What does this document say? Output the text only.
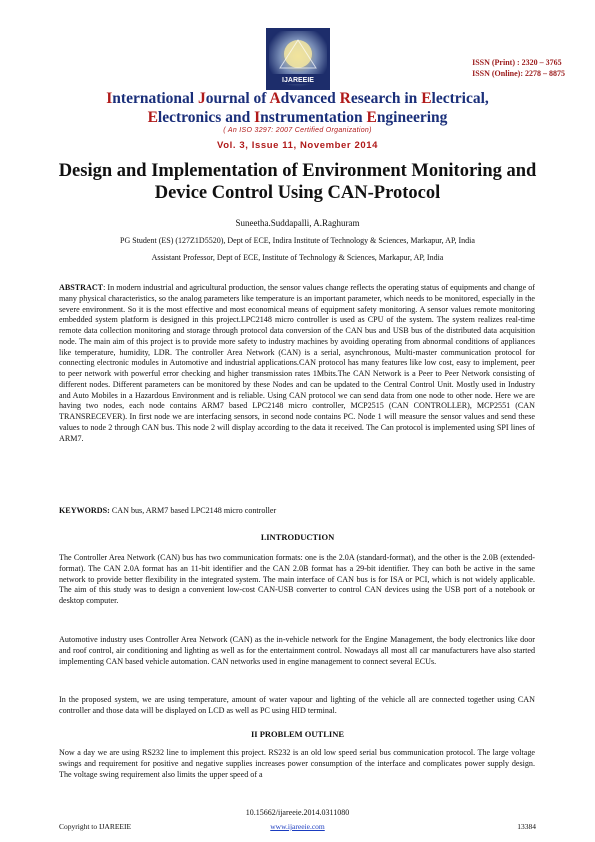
IJAREEIE
ISSN (Print) : 2320 – 3765
ISSN (Online): 2278 – 8875
International Journal of Advanced Research in Electrical,
Electronics and Instrumentation Engineering
( An ISO 3297: 2007 Certified Organization)
Vol. 3, Issue 11, November 2014
Design and Implementation of Environment Monitoring and Device Control Using CAN-Protocol
Suneetha.Suddapalli, A.Raghuram
PG Student (ES) (127Z1D5520), Dept of ECE, Indira Institute of Technology & Sciences, Markapur, AP, India
Assistant Professor, Dept of ECE, Institute of Technology & Sciences, Markapur, AP, India
ABSTRACT: In modern industrial and agricultural production, the sensor values change reflects the operating status of equipments and change of many physical characteristics, so the analog parameters like temperature is an important parameter, which needs to be monitored, especially in the severe environment. So it is the most effective and most economical means of equipment safety monitoring. A sensor values remote monitoring embedded system platform is designed in this project.LPC2148 micro controller is used as CPU of the system. The system realizes real-time remote data collection monitoring and storage through protocol data conversion of the CAN bus and USB bus of the distributed data acquisition node. The main aim of this project is to provide more safety to industry machines by avoiding operating from abnormal conditions of appliances like temperature, humidity, LDR. The controller Area Network (CAN) is a serial, asynchronous, Multi-master communication protocol for connecting electronic modules in Automotive and industrial applications.CAN protocol has many features like low cost, easy to implement, peer to peer network with powerful error checking and higher transmission rates 1Mbits.The CAN Network is a Peer to Peer Network consisting of different nodes. Different parameters can be monitored by these Nodes and can be updated to the Central Control Unit. Mostly used in Industry and Auto Mobiles in a Hazardous Environment and is reliable. Using CAN protocol we can send data from one node to other node. Here we are having two nodes, each node contains ARM7 based LPC2148 micro controller, MCP2515 (CAN CONTROLLER), MCP2551 (CAN TRANSRECEVER). In first node we are interfacing sensors, in second node contains PC. Node 1 will measure the sensor values and send these values to node 2 through CAN bus. This node 2 will display according to the data it received. The Can protocol is implemented using SPI lines of ARM7.
KEYWORDS: CAN bus, ARM7 based LPC2148 micro controller
I.INTRODUCTION
The Controller Area Network (CAN) bus has two communication formats: one is the 2.0A (standard-format), and the other is the 2.0B (extended-format). The CAN 2.0A format has an 11-bit identifier and the CAN 2.0B format has a 29-bit identifier. They can both be active in the same network to provide better flexibility in the integrated system. The main interface of CAN bus is for ISA or PCI, which is not widely applicable. The aim of this study was to design a convenient low-cost CAN-USB converter to control CAN devices using the USB port of a notebook or desktop computer.
Automotive industry uses Controller Area Network (CAN) as the in-vehicle network for the Engine Management, the body electronics like door and roof control, air conditioning and lighting as well as for the entertainment control. Nowadays all most all car manufacturers have also started implementing CAN based vehicle automation. CAN networks used in engine management to connect several ECUs.
In the proposed system, we are using temperature, amount of water vapour and lighting of the vehicle all are connected together using CAN controller and those data will be displayed on LCD as well as PC using HID terminal.
II PROBLEM OUTLINE
Now a day we are using RS232 line to implement this project. RS232 is an old low speed serial bus communication protocol. The large voltage swings and requirement for positive and negative supplies increases power consumption of the interface and complicates power supply design. The voltage swing requirement also limits the upper speed of a
10.15662/ijareeie.2014.0311080
Copyright to IJAREEIE	www.ijareeie.com	13384
